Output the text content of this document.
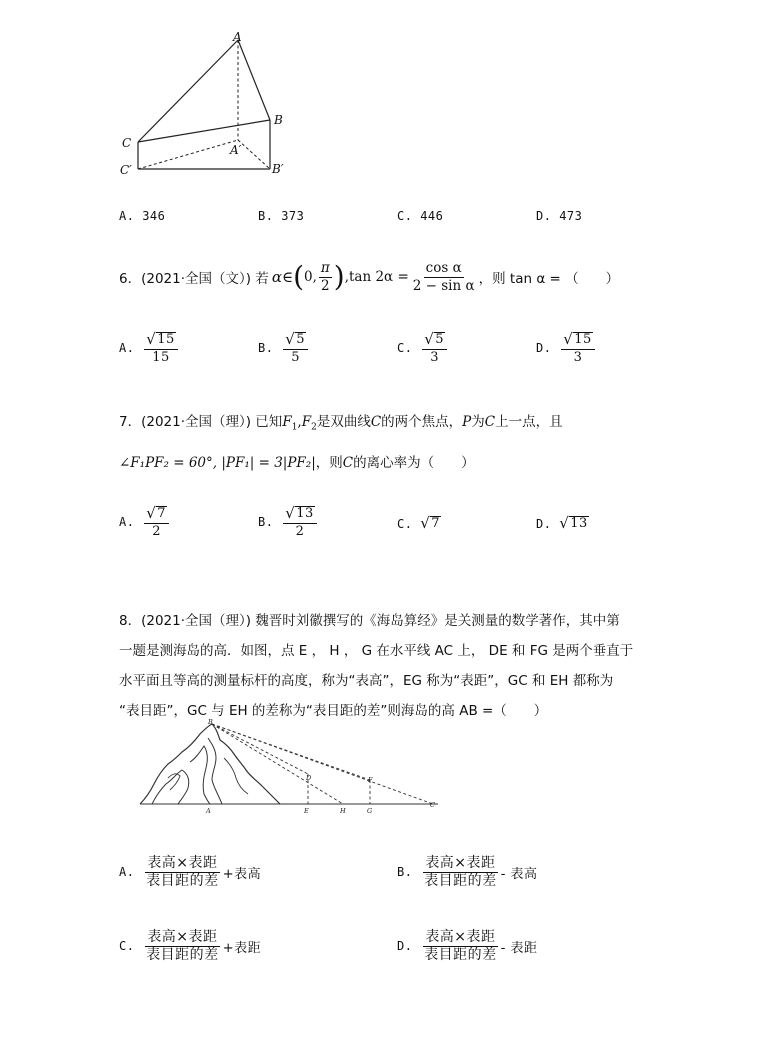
A
B
C	A′
B′
C′
A. 346	B. 373	C. 446	D. 473
6．(2021·全国（文）) 若 α ∈ ( 0, $\frac{\pi}{2}$ ) ,tan $2\alpha = \frac{\text{cos α}}{\text{2 − sin α}}$ ，则 tan α = （　　）
A.
$\frac{√ 15}{15}$	B.
$\frac{√ 5}{5}$	C.
$\frac{√ 5}{3}$	D.
$\frac{√ 15}{3}$
7．(2021·全国（理）) 已知$F_1,F_2$是双曲线C的两个焦点，P为C上一点，且
∠F₁PF₂ = 60°, |PF₁| = 3|PF₂|，则C的离心率为（　　）
A.
$\frac{√ 7}{2}$	B.
$\frac{√ 13}{2}$	C.
√ 7	D.
√ 13
8．(2021·全国（理）) 魏晋时刘徽撰写的《海岛算经》是关测量的数学著作，其中第
一题是测海岛的高．如图，点 E ， H ， G 在水平线 AC 上， DE 和 FG 是两个垂直于
水平面且等高的测量标杆的高度，称为“表高”，EG 称为“表距”，GC 和 EH 都称为
“表目距”，GC 与 EH 的差称为“表目距的差”则海岛的高 AB =（　　）
B
D	F
A	E	H	G
C
A.
$\frac{\text{表高×表距}}{\text{表目距的差}}$ +表高	B.
$\frac{\text{表高×表距}}{\text{表目距的差}}$ - 表高
C.
$\frac{\text{表高×表距}}{\text{表目距的差}}$ +表距	D.
$\frac{\text{表高×表距}}{\text{表目距的差}}$ - 表距
